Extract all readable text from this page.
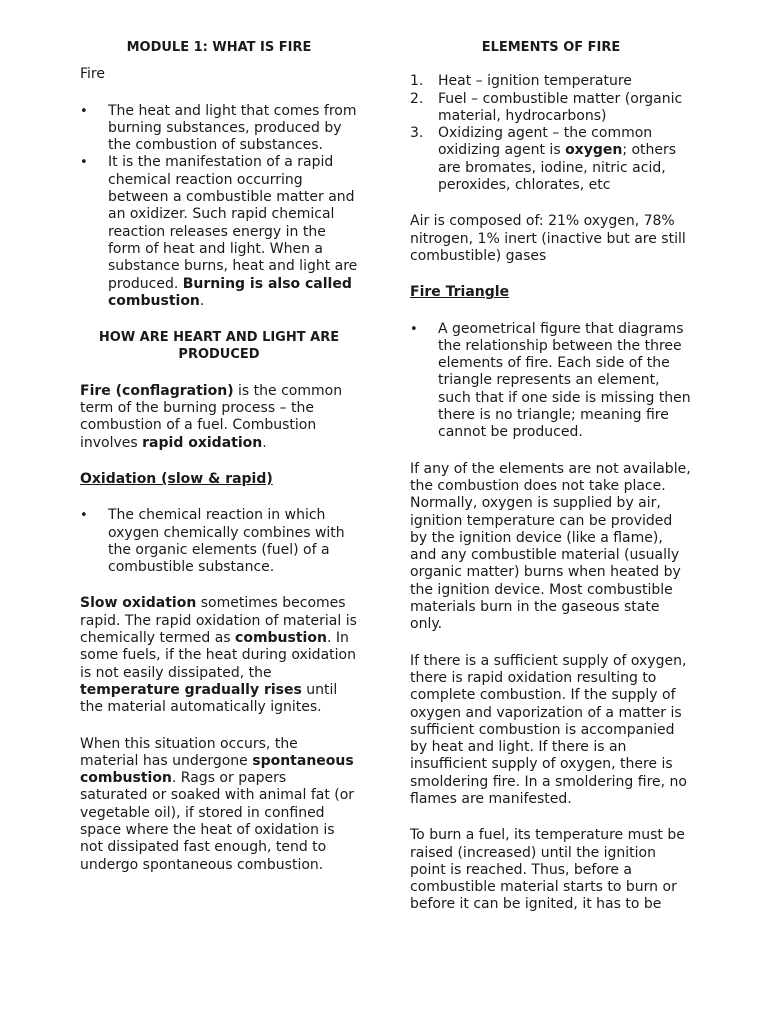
MODULE 1: WHAT IS FIRE

Fire

• The heat and light that comes from burning substances, produced by the combustion of substances.
• It is the manifestation of a rapid chemical reaction occurring between a combustible matter and an oxidizer. Such rapid chemical reaction releases energy in the form of heat and light. When a substance burns, heat and light are produced. Burning is also called combustion.
HOW ARE HEART AND LIGHT ARE PRODUCED

Fire (conflagration) is the common term of the burning process – the combustion of a fuel. Combustion involves rapid oxidation.

Oxidation (slow & rapid)

• The chemical reaction in which oxygen chemically combines with the organic elements (fuel) of a combustible substance.

Slow oxidation sometimes becomes rapid. The rapid oxidation of material is chemically termed as combustion. In some fuels, if the heat during oxidation is not easily dissipated, the temperature gradually rises until the material automatically ignites.

When this situation occurs, the material has undergone spontaneous combustion. Rags or papers saturated or soaked with animal fat (or vegetable oil), if stored in confined space where the heat of oxidation is not dissipated fast enough, tend to undergo spontaneous combustion.

ELEMENTS OF FIRE
1. Heat – ignition temperature
2. Fuel – combustible matter (organic material, hydrocarbons)
3. Oxidizing agent – the common oxidizing agent is oxygen; others are bromates, iodine, nitric acid, peroxides, chlorates, etc

Air is composed of: 21% oxygen, 78% nitrogen, 1% inert (inactive but are still combustible) gases

Fire Triangle

• A geometrical figure that diagrams the relationship between the three elements of fire. Each side of the triangle represents an element, such that if one side is missing then there is no triangle; meaning fire cannot be produced.

If any of the elements are not available, the combustion does not take place. Normally, oxygen is supplied by air, ignition temperature can be provided by the ignition device (like a flame), and any combustible material (usually organic matter) burns when heated by the ignition device. Most combustible materials burn in the gaseous state only.

If there is a sufficient supply of oxygen, there is rapid oxidation resulting to complete combustion. If the supply of oxygen and vaporization of a matter is sufficient combustion is accompanied by heat and light. If there is an insufficient supply of oxygen, there is smoldering fire. In a smoldering fire, no flames are manifested.

To burn a fuel, its temperature must be raised (increased) until the ignition point is reached. Thus, before a combustible material starts to burn or before it can be ignited, it has to be
